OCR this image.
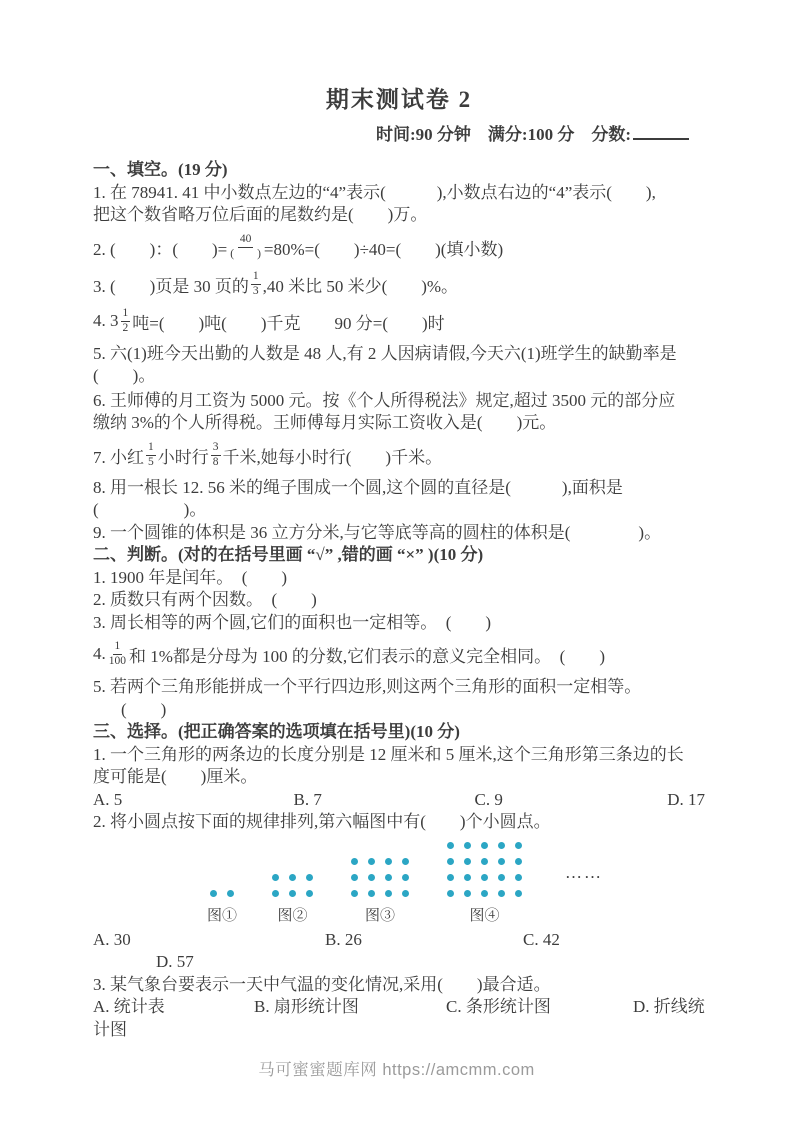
期末测试卷 2
时间:90 分钟　满分:100 分　分数:
一、填空。(19 分)
1. 在 78941. 41 中小数点左边的“4”表示(　　　),小数点右边的“4”表示(　　),
把这个数省略万位后面的尾数约是(　　)万。
2. (　　)：(　　)= $\frac{40}{( )} =80\%=$(　　)÷40=(　　)(填小数)
3. (　　)页是 30 页的 $\frac{1}{3} ,40$ 米比 50 米少(　　)%。
4. $3 \frac{1}{2}$ 吨=(　　)吨(　　)千克　　90 分=(　　)时
5. 六(1)班今天出勤的人数是 48 人,有 2 人因病请假,今天六(1)班学生的缺勤率是
(　　)。
6. 王师傅的月工资为 5000 元。按《个人所得税法》规定,超过 3500 元的部分应
缴纳 3%的个人所得税。王师傅每月实际工资收入是(　　)元。
7. 小红 $\frac{1}{5}$ 小时行 $\frac{3}{8}$ 千米,她每小时行(　　)千米。
8. 用一根长 12. 56 米的绳子围成一个圆,这个圆的直径是(　　　),面积是
(　　　　　)。
9. 一个圆锥的体积是 36 立方分米,与它等底等高的圆柱的体积是(　　　　)。
二、判断。(对的在括号里画 “√” ,错的画 “×” )(10 分)
1. 1900 年是闰年。　(　　)
2. 质数只有两个因数。　(　　)
3. 周长相等的两个圆,它们的面积也一定相等。　(　　)
4. $\frac{1}{100}$ 和 1%都是分母为 100 的分数,它们表示的意义完全相同。　(　　)
5. 若两个三角形能拼成一个平行四边形,则这两个三角形的面积一定相等。
(　　)
三、选择。(把正确答案的选项填在括号里)(10 分)
1. 一个三角形的两条边的长度分别是 12 厘米和 5 厘米,这个三角形第三条边的长
度可能是(　　)厘米。
A. 5	B. 7	C. 9	D. 17
2. 将小圆点按下面的规律排列,第六幅图中有(　　)个小圆点。
图①	图②	图③	图④
……
A. 30	B. 26	C. 42
D. 57
3. 某气象台要表示一天中气温的变化情况,采用(　　)最合适。
A. 统计表	B. 扇形统计图	C. 条形统计图	D. 折线统
计图
马可蜜蜜题库网 https://amcmm.com
